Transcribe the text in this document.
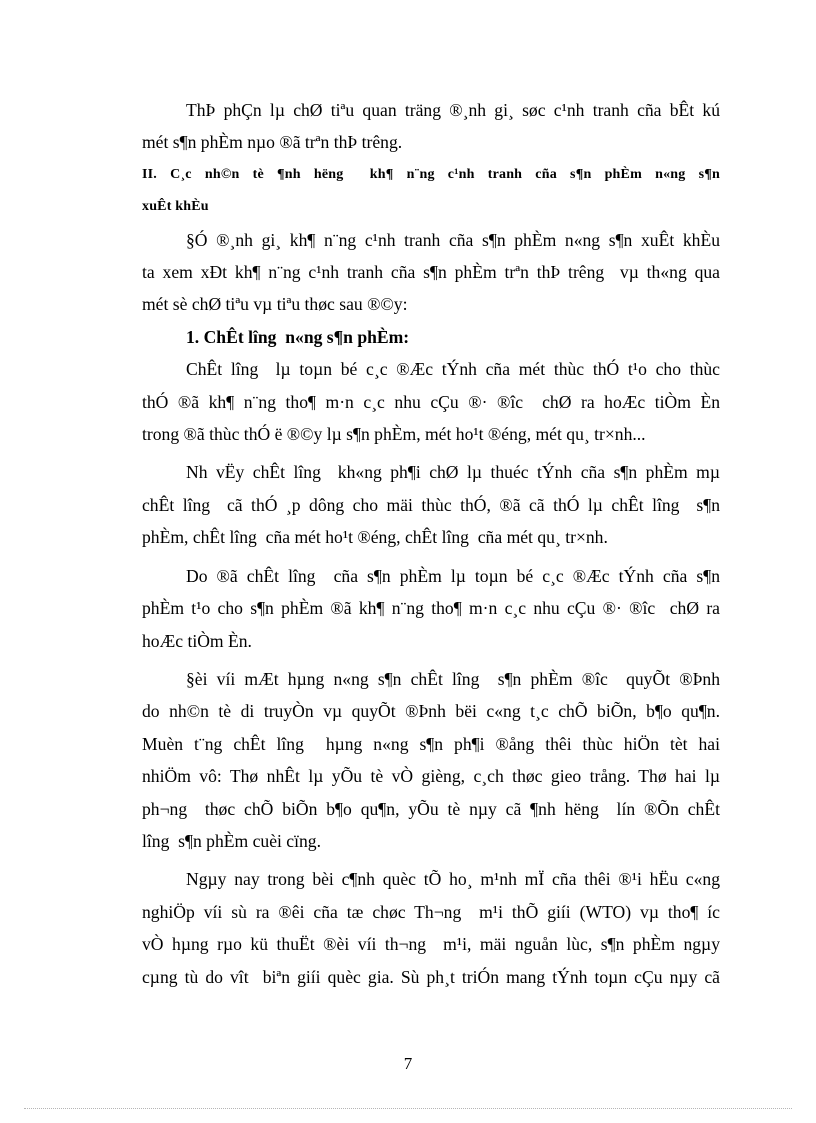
ThÞ phÇn lµ chØ tiªu quan träng ®¸nh gi¸ søc c¹nh tranh cña bÊt kú
mét s¶n phÈm nµo ®ã trªn thÞ trêng.
II. C¸c nh©n tè ¶nh hëng  kh¶ n¨ng c¹nh tranh cña s¶n phÈm n«ng s¶n
xuÊt khÈu
§Ó ®¸nh gi¸ kh¶ n¨ng c¹nh tranh cña s¶n phÈm n«ng s¶n xuÊt khÈu
ta xem xÐt kh¶ n¨ng c¹nh tranh cña s¶n phÈm trªn thÞ trêng  vµ th«ng qua
mét sè chØ tiªu vµ tiªu thøc sau ®©y:
1. ChÊt lîng  n«ng s¶n phÈm:
ChÊt lîng  lµ toµn bé c¸c ®Æc tÝnh cña mét thùc thÓ t¹o cho thùc
thÓ ®ã kh¶ n¨ng tho¶ m·n c¸c nhu cÇu ®· ®îc  chØ ra hoÆc tiÒm Èn
trong ®ã thùc thÓ ë ®©y lµ s¶n phÈm, mét ho¹t ®éng, mét qu¸ tr×nh...
Nh vËy chÊt lîng  kh«ng ph¶i chØ lµ thuéc tÝnh cña s¶n phÈm mµ
chÊt lîng  cã thÓ ¸p dông cho mäi thùc thÓ, ®ã cã thÓ lµ chÊt lîng  s¶n
phÈm, chÊt lîng  cña mét ho¹t ®éng, chÊt lîng  cña mét qu¸ tr×nh.
Do ®ã chÊt lîng  cña s¶n phÈm lµ toµn bé c¸c ®Æc tÝnh cña s¶n
phÈm t¹o cho s¶n phÈm ®ã kh¶ n¨ng tho¶ m·n c¸c nhu cÇu ®· ®îc  chØ ra
hoÆc tiÒm Èn.
§èi víi mÆt hµng n«ng s¶n chÊt lîng  s¶n phÈm ®îc  quyÕt ®Þnh
do nh©n tè di truyÒn vµ quyÕt ®Þnh bëi c«ng t¸c chÕ biÕn, b¶o qu¶n.
Muèn t¨ng chÊt lîng  hµng n«ng s¶n ph¶i ®ång thêi thùc hiÖn tèt hai
nhiÖm vô: Thø nhÊt lµ yÕu tè vÒ gièng, c¸ch thøc gieo trång. Thø hai lµ
ph¬ng  thøc chÕ biÕn b¶o qu¶n, yÕu tè nµy cã ¶nh hëng  lín ®Õn chÊt
lîng  s¶n phÈm cuèi cïng.
Ngµy nay trong bèi c¶nh quèc tÕ ho¸ m¹nh mÏ cña thêi ®¹i hËu c«ng
nghiÖp víi sù ra ®êi cña tæ chøc Th¬ng  m¹i thÕ giíi (WTO) vµ tho¶ íc
vÒ hµng rµo kü thuËt ®èi víi th¬ng  m¹i, mäi nguån lùc, s¶n phÈm ngµy
cµng tù do vît  biªn giíi quèc gia. Sù ph¸t triÓn mang tÝnh toµn cÇu nµy cã
7
